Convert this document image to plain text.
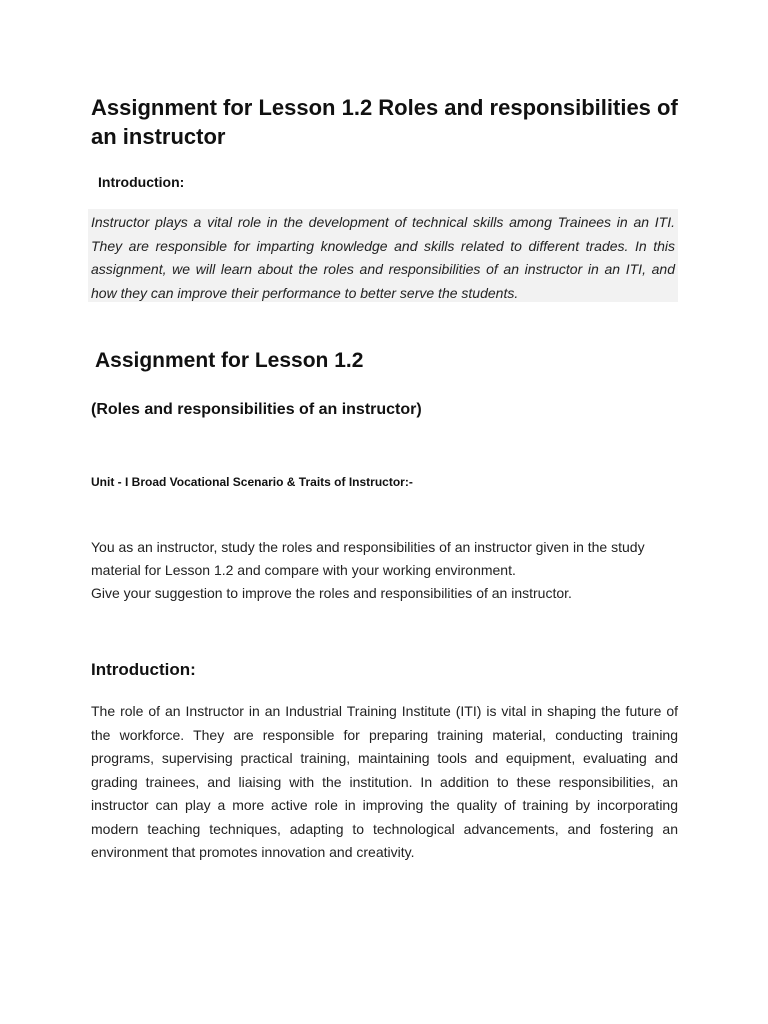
Assignment for Lesson 1.2 Roles and responsibilities of an instructor

Introduction:

Instructor plays a vital role in the development of technical skills among Trainees in an ITI. They are responsible for imparting knowledge and skills related to different trades. In this assignment, we will learn about the roles and responsibilities of an instructor in an ITI, and how they can improve their performance to better serve the students.

Assignment for Lesson 1.2
(Roles and responsibilities of an instructor)

Unit - I Broad Vocational Scenario & Traits of Instructor:-

You as an instructor, study the roles and responsibilities of an instructor given in the study material for Lesson 1.2 and compare with your working environment.
Give your suggestion to improve the roles and responsibilities of an instructor.

Introduction:

The role of an Instructor in an Industrial Training Institute (ITI) is vital in shaping the future of the workforce. They are responsible for preparing training material, conducting training programs, supervising practical training, maintaining tools and equipment, evaluating and grading trainees, and liaising with the institution. In addition to these responsibilities, an instructor can play a more active role in improving the quality of training by incorporating modern teaching techniques, adapting to technological advancements, and fostering an environment that promotes innovation and creativity.
